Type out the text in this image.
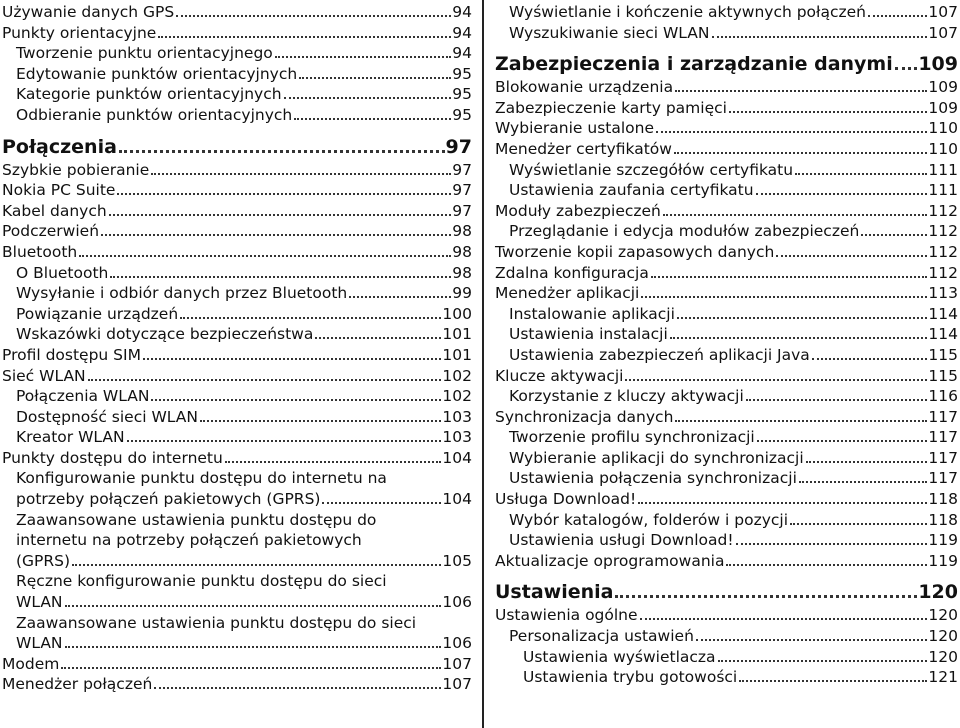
Używanie danych GPS	94
Punkty orientacyjne	94
Tworzenie punktu orientacyjnego	94
Edytowanie punktów orientacyjnych	95
Kategorie punktów orientacyjnych	95
Odbieranie punktów orientacyjnych	95
Połączenia	97
Szybkie pobieranie	97
Nokia PC Suite	97
Kabel danych	97
Podczerwień	98
Bluetooth	98
O Bluetooth	98
Wysyłanie i odbiór danych przez Bluetooth	99
Powiązanie urządzeń	100
Wskazówki dotyczące bezpieczeństwa	101
Profil dostępu SIM	101
Sieć WLAN	102
Połączenia WLAN	102
Dostępność sieci WLAN	103
Kreator WLAN	103
Punkty dostępu do internetu	104
Konfigurowanie punktu dostępu do internetu na
potrzeby połączeń pakietowych (GPRS)	104
Zaawansowane ustawienia punktu dostępu do
internetu na potrzeby połączeń pakietowych
(GPRS)	105
Ręczne konfigurowanie punktu dostępu do sieci
WLAN	106
Zaawansowane ustawienia punktu dostępu do sieci
WLAN	106
Modem	107
Menedżer połączeń	107
Wyświetlanie i kończenie aktywnych połączeń	107
Wyszukiwanie sieci WLAN	107
Zabezpieczenia i zarządzanie danymi 109
Blokowanie urządzenia	109
Zabezpieczenie karty pamięci	109
Wybieranie ustalone	110
Menedżer certyfikatów	110
Wyświetlanie szczegółów certyfikatu	111
Ustawienia zaufania certyfikatu	111
Moduły zabezpieczeń	112
Przeglądanie i edycja modułów zabezpieczeń	112
Tworzenie kopii zapasowych danych	112
Zdalna konfiguracja	112
Menedżer aplikacji	113
Instalowanie aplikacji	114
Ustawienia instalacji	114
Ustawienia zabezpieczeń aplikacji Java	115
Klucze aktywacji	115
Korzystanie z kluczy aktywacji	116
Synchronizacja danych	117
Tworzenie profilu synchronizacji	117
Wybieranie aplikacji do synchronizacji	117
Ustawienia połączenia synchronizacji	117
Usługa Download!	118
Wybór katalogów, folderów i pozycji	118
Ustawienia usługi Download!	119
Aktualizacje oprogramowania	119
Ustawienia	120
Ustawienia ogólne	120
Personalizacja ustawień	120
Ustawienia wyświetlacza	120
Ustawienia trybu gotowości	121
